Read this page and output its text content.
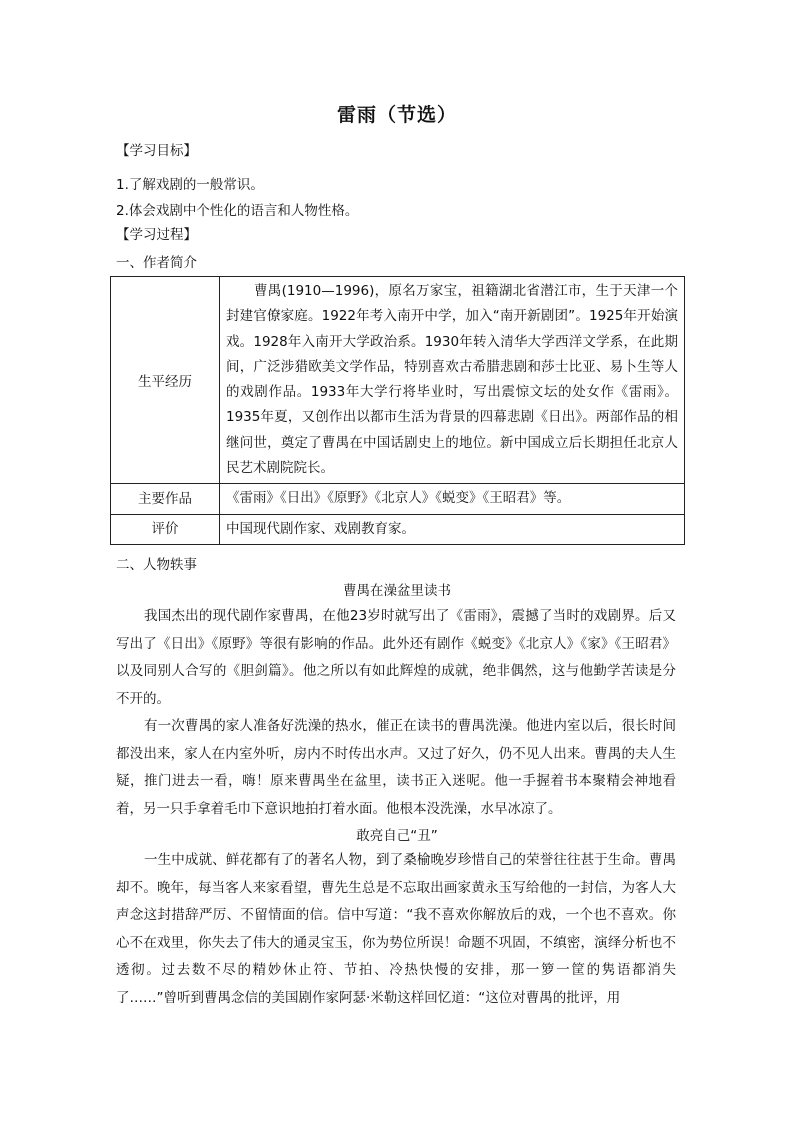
雷雨（节选）
【学习目标】
1.了解戏剧的一般常识。
2.体会戏剧中个性化的语言和人物性格。
【学习过程】
一、作者简介
生平经历	曹禺(1910—1996)，原名万家宝，祖籍湖北省潜江市，生于天津一个封建官僚家庭。1922年考入南开中学，加入“南开新剧团”。1925年开始演戏。1928年入南开大学政治系。1930年转入清华大学西洋文学系，在此期间，广泛涉猎欧美文学作品，特别喜欢古希腊悲剧和莎士比亚、易卜生等人的戏剧作品。1933年大学行将毕业时，写出震惊文坛的处女作《雷雨》。1935年夏，又创作出以都市生活为背景的四幕悲剧《日出》。两部作品的相继问世，奠定了曹禺在中国话剧史上的地位。新中国成立后长期担任北京人民艺术剧院院长。
主要作品	《雷雨》《日出》《原野》《北京人》《蜕变》《王昭君》等。
评价	中国现代剧作家、戏剧教育家。
二、人物轶事
曹禺在澡盆里读书
我国杰出的现代剧作家曹禺，在他23岁时就写出了《雷雨》，震撼了当时的戏剧界。后又写出了《日出》《原野》等很有影响的作品。此外还有剧作《蜕变》《北京人》《家》《王昭君》以及同别人合写的《胆剑篇》。他之所以有如此辉煌的成就，绝非偶然，这与他勤学苦读是分不开的。
有一次曹禺的家人准备好洗澡的热水，催正在读书的曹禺洗澡。他进内室以后，很长时间都没出来，家人在内室外听，房内不时传出水声。又过了好久，仍不见人出来。曹禺的夫人生疑，推门进去一看，嗨！原来曹禺坐在盆里，读书正入迷呢。他一手握着书本聚精会神地看着，另一只手拿着毛巾下意识地拍打着水面。他根本没洗澡，水早冰凉了。
敢亮自己“丑”
一生中成就、鲜花都有了的著名人物，到了桑榆晚岁珍惜自己的荣誉往往甚于生命。曹禺却不。晚年，每当客人来家看望，曹先生总是不忘取出画家黄永玉写给他的一封信，为客人大声念这封措辞严厉、不留情面的信。信中写道：“我不喜欢你解放后的戏，一个也不喜欢。你心不在戏里，你失去了伟大的通灵宝玉，你为势位所误！命题不巩固，不缜密，演绎分析也不透彻。过去数不尽的精妙休止符、节拍、冷热快慢的安排，那一箩一筐的隽语都消失了……”曾听到曹禺念信的美国剧作家阿瑟·米勒这样回忆道：“这位对曹禺的批评，用
